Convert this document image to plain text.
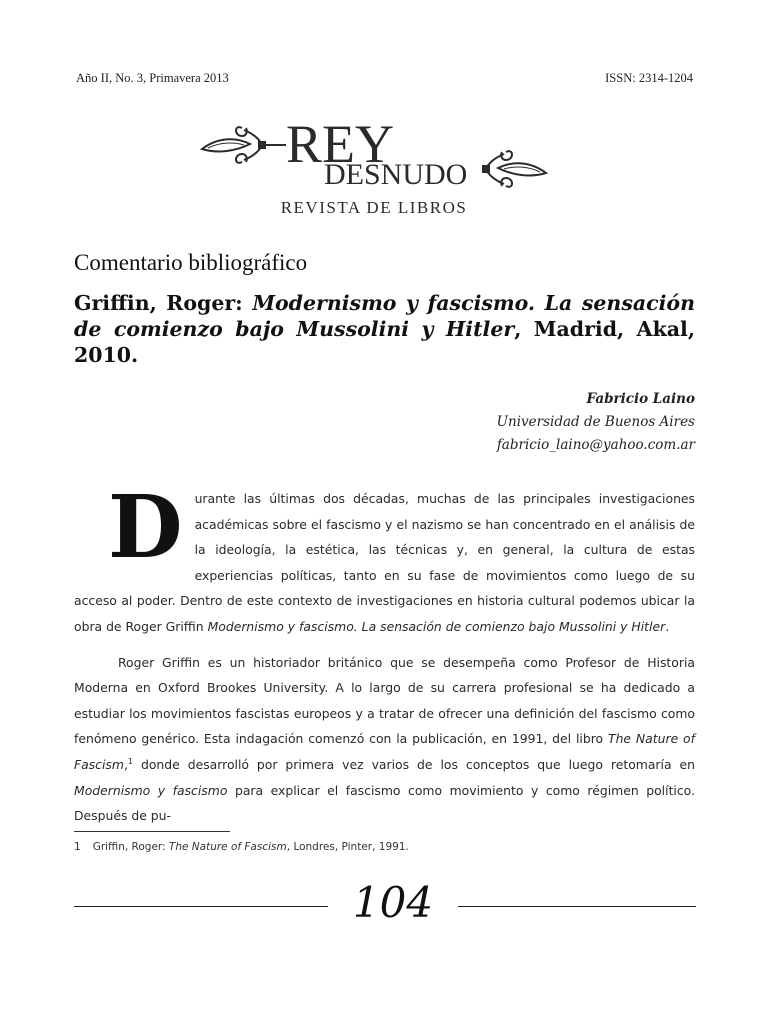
Año II, No. 3, Primavera 2013	ISSN: 2314-1204
REY
DESNUDO
REVISTA DE LIBROS
Comentario bibliográfico
Griffin, Roger: Modernismo y fascismo. La sensación de comienzo bajo Mussolini y Hitler, Madrid, Akal, 2010.
Fabricio Laino
Universidad de Buenos Aires
fabricio_laino@yahoo.com.ar

Durante las últimas dos décadas, muchas de las principales investigaciones académicas sobre el fascismo y el nazismo se han concentrado en el análisis de la ideología, la estética, las técnicas y, en general, la cultura de estas experiencias políticas, tanto en su fase de movimientos como luego de su acceso al poder. Dentro de este contexto de investigaciones en historia cultural podemos ubicar la obra de Roger Griffin Modernismo y fascismo. La sensación de comienzo bajo Mussolini y Hitler.

Roger Griffin es un historiador británico que se desempeña como Profesor de Historia Moderna en Oxford Brookes University. A lo largo de su carrera profesional se ha dedicado a estudiar los movimientos fascistas europeos y a tratar de ofrecer una definición del fascismo como fenómeno genérico. Esta indagación comenzó con la publicación, en 1991, del libro The Nature of Fascism,$^1$ donde desarrolló por primera vez varios de los conceptos que luego retomaría en Modernismo y fascismo para explicar el fascismo como movimiento y como régimen político. Después de pu-

1 Griffin, Roger: The Nature of Fascism, Londres, Pinter, 1991.
104
